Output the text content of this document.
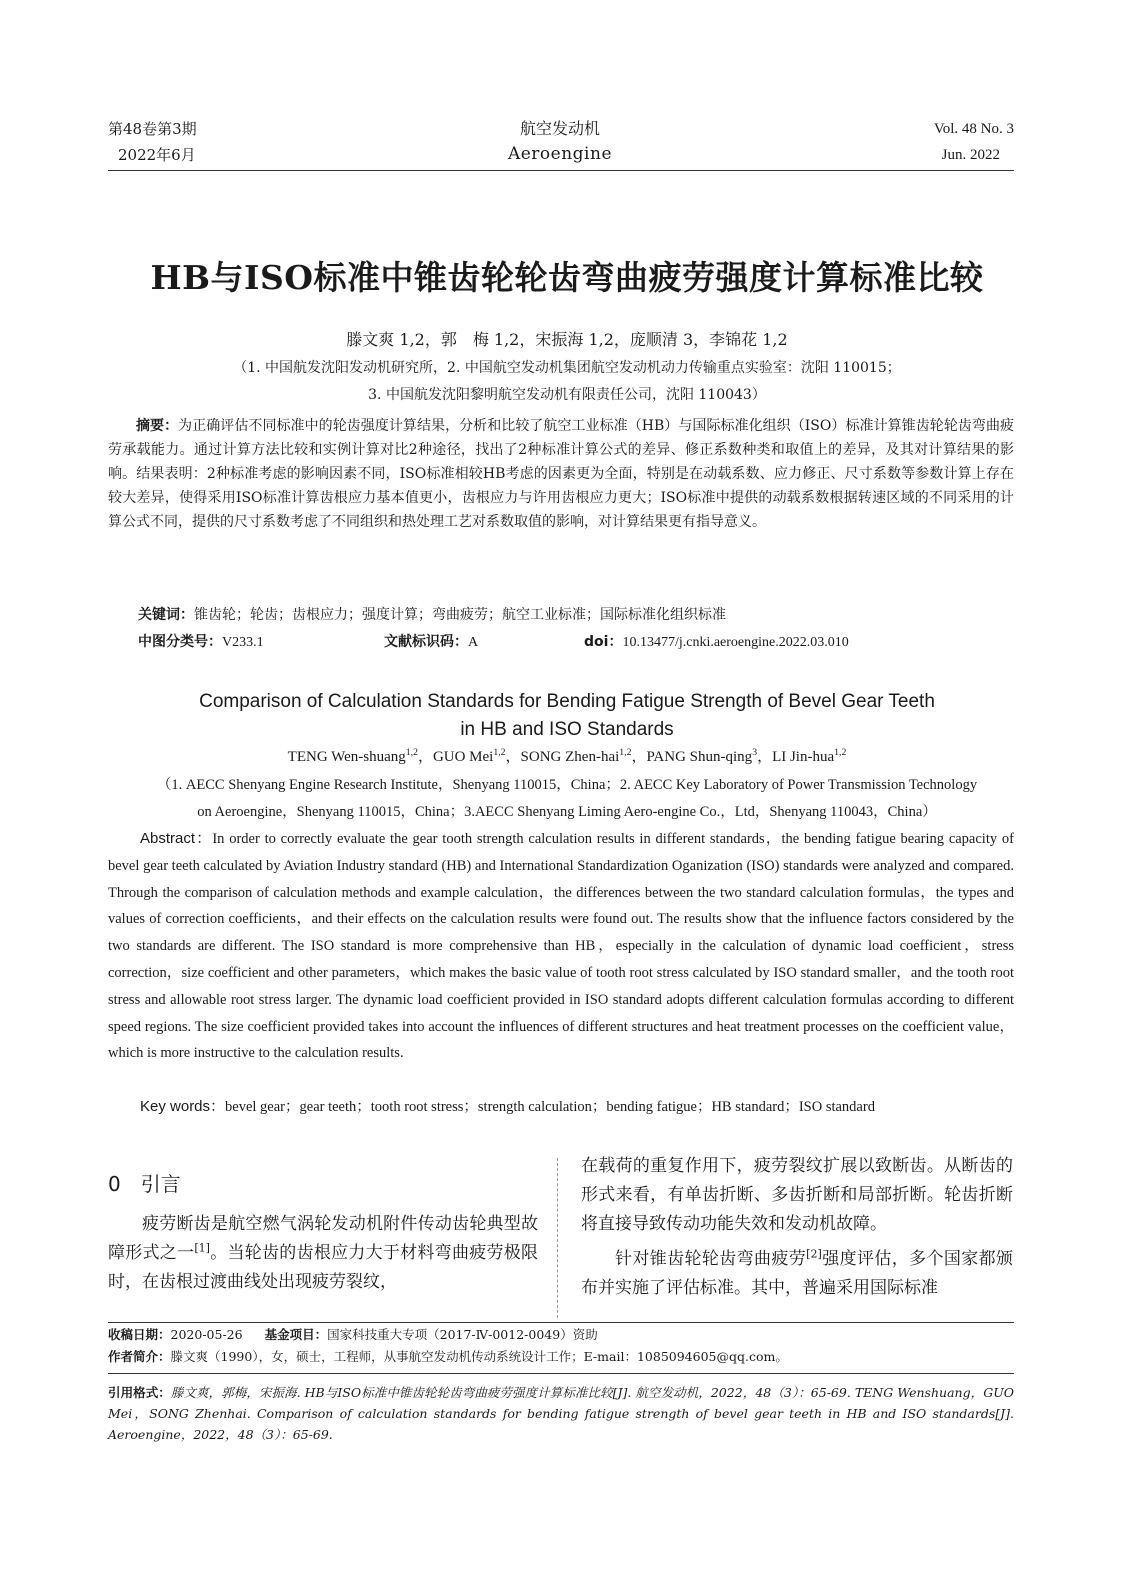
第48卷第3期
2022年6月
航空发动机
Aeroengine
Vol. 48 No. 3
Jun. 2022
HB与ISO标准中锥齿轮轮齿弯曲疲劳强度计算标准比较
滕文爽 1,2，郭　梅 1,2，宋振海 1,2，庞顺清 3，李锦花 1,2
（1. 中国航发沈阳发动机研究所，2. 中国航空发动机集团航空发动机动力传输重点实验室：沈阳 110015；
3. 中国航发沈阳黎明航空发动机有限责任公司，沈阳 110043）
摘要：为正确评估不同标准中的轮齿强度计算结果，分析和比较了航空工业标准（HB）与国际标准化组织（ISO）标准计算锥齿轮轮齿弯曲疲劳承载能力。通过计算方法比较和实例计算对比2种途径，找出了2种标准计算公式的差异、修正系数种类和取值上的差异，及其对计算结果的影响。结果表明：2种标准考虑的影响因素不同，ISO标准相较HB考虑的因素更为全面，特别是在动载系数、应力修正、尺寸系数等参数计算上存在较大差异，使得采用ISO标准计算齿根应力基本值更小，齿根应力与许用齿根应力更大；ISO标准中提供的动载系数根据转速区域的不同采用的计算公式不同，提供的尺寸系数考虑了不同组织和热处理工艺对系数取值的影响，对计算结果更有指导意义。
关键词：锥齿轮；轮齿；齿根应力；强度计算；弯曲疲劳；航空工业标准；国际标准化组织标准
中图分类号：V233.1	文献标识码：A	doi：10.13477/j.cnki.aeroengine.2022.03.010
Comparison of Calculation Standards for Bending Fatigue Strength of Bevel Gear Teeth
in HB and ISO Standards
TENG Wen-shuang$^{1,2}$，GUO Mei$^{1,2}$，SONG Zhen-hai$^{1,2}$，PANG Shun-qing$^3$，LI Jin-hua$^{1,2}$
（1. AECC Shenyang Engine Research Institute，Shenyang 110015，China；2. AECC Key Laboratory of Power Transmission Technology
on Aeroengine，Shenyang 110015，China；3.AECC Shenyang Liming Aero-engine Co.，Ltd，Shenyang 110043，China）
Abstract：In order to correctly evaluate the gear tooth strength calculation results in different standards，the bending fatigue bearing capacity of bevel gear teeth calculated by Aviation Industry standard (HB) and International Standardization Oganization (ISO) standards were analyzed and compared. Through the comparison of calculation methods and example calculation，the differences between the two standard calculation formulas，the types and values of correction coefficients，and their effects on the calculation results were found out. The results show that the influence factors considered by the two standards are different. The ISO standard is more comprehensive than HB，especially in the calculation of dynamic load coefficient，stress correction，size coefficient and other parameters，which makes the basic value of tooth root stress calculated by ISO standard smaller，and the tooth root stress and allowable root stress larger. The dynamic load coefficient provided in ISO standard adopts different calculation formulas according to different speed regions. The size coefficient provided takes into account the influences of different structures and heat treatment processes on the coefficient value，which is more instructive to the calculation results.
Key words：bevel gear；gear teeth；tooth root stress；strength calculation；bending fatigue；HB standard；ISO standard
0　引言
疲劳断齿是航空燃气涡轮发动机附件传动齿轮典型故障形式之一[1]。当轮齿的齿根应力大于材料弯曲疲劳极限时，在齿根过渡曲线处出现疲劳裂纹，
在载荷的重复作用下，疲劳裂纹扩展以致断齿。从断齿的形式来看，有单齿折断、多齿折断和局部折断。轮齿折断将直接导致传动功能失效和发动机故障。
针对锥齿轮轮齿弯曲疲劳[2]强度评估，多个国家都颁布并实施了评估标准。其中，普遍采用国际标准
收稿日期：2020-05-26 基金项目：国家科技重大专项（2017-Ⅳ-0012-0049）资助
作者简介：滕文爽（1990），女，硕士，工程师，从事航空发动机传动系统设计工作；E-mail：1085094605@qq.com。
引用格式：滕文爽，郭梅，宋振海. HB与ISO标准中锥齿轮轮齿弯曲疲劳强度计算标准比较[J]. 航空发动机，2022，48（3）：65-69. TENG Wenshuang，GUO Mei，SONG Zhenhai. Comparison of calculation standards for bending fatigue strength of bevel gear teeth in HB and ISO standards[J]. Aeroengine，2022，48（3）：65-69.
